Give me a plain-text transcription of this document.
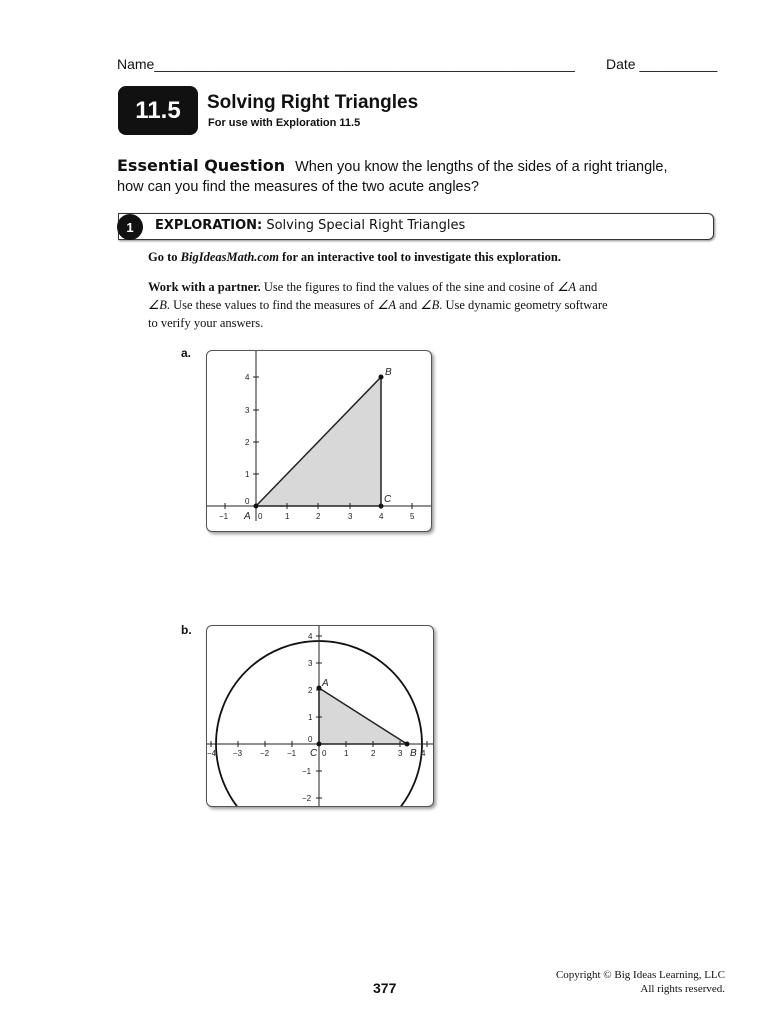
Name______________________________________________________ Date __________
11.5 Solving Right Triangles
For use with Exploration 11.5
Essential Question When you know the lengths of the sides of a right triangle, how can you find the measures of the two acute angles?
1 EXPLORATION: Solving Special Right Triangles
Go to BigIdeasMath.com for an interactive tool to investigate this exploration.
Work with a partner. Use the figures to find the values of the sine and cosine of ∠A and ∠B. Use these values to find the measures of ∠A and ∠B. Use dynamic geometry software to verify your answers.
a.
−1	0	1	2	3	4	5
0
1
2
3
4
A
B
C
b.
−4 −3 −2 −1	0 1	2	3 4
−2
−1
0
1
2
3
4
A
B
C
377
Copyright © Big Ideas Learning, LLC
All rights reserved.
